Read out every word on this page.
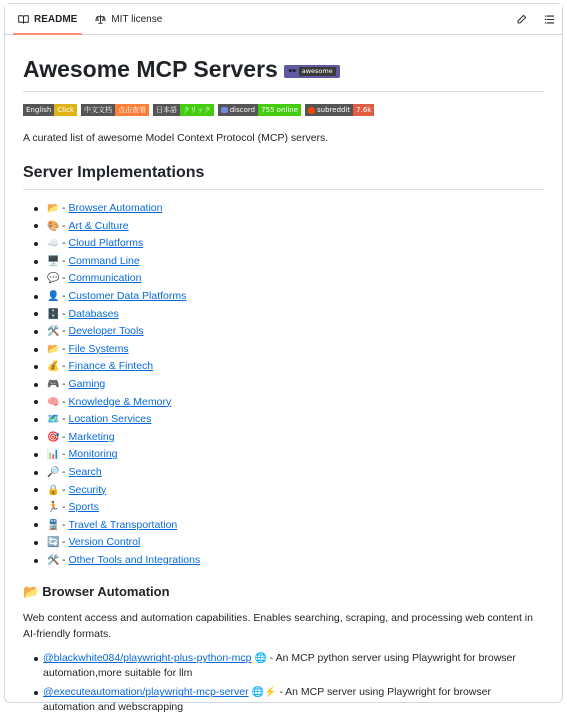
README	MIT license
Awesome MCP Servers 🕶 awesome
English Click	中文文档 点击查看	日本語 クリック	discord 755 online	subreddit 7.6k

A curated list of awesome Model Context Protocol (MCP) servers.

Server Implementations
📂 - Browser Automation
🎨 - Art & Culture
☁️ - Cloud Platforms
🖥️ - Command Line
💬 - Communication
👤 - Customer Data Platforms
🗄️ - Databases
🛠️ - Developer Tools
📂 - File Systems
💰 - Finance & Fintech
🎮 - Gaming
🧠 - Knowledge & Memory
🗺️ - Location Services
🎯 - Marketing
📊 - Monitoring
🔎 - Search
🔒 - Security
🏃 - Sports
🚆 - Travel & Transportation
🔄 - Version Control
🛠️ - Other Tools and Integrations
📂 Browser Automation

Web content access and automation capabilities. Enables searching, scraping, and processing web content in AI-friendly formats.

@blackwhite084/playwright-plus-python-mcp 🌐 - An MCP python server using Playwright for browser automation,more suitable for llm
@executeautomation/playwright-mcp-server 🌐⚡ - An MCP server using Playwright for browser automation and webscrapping
